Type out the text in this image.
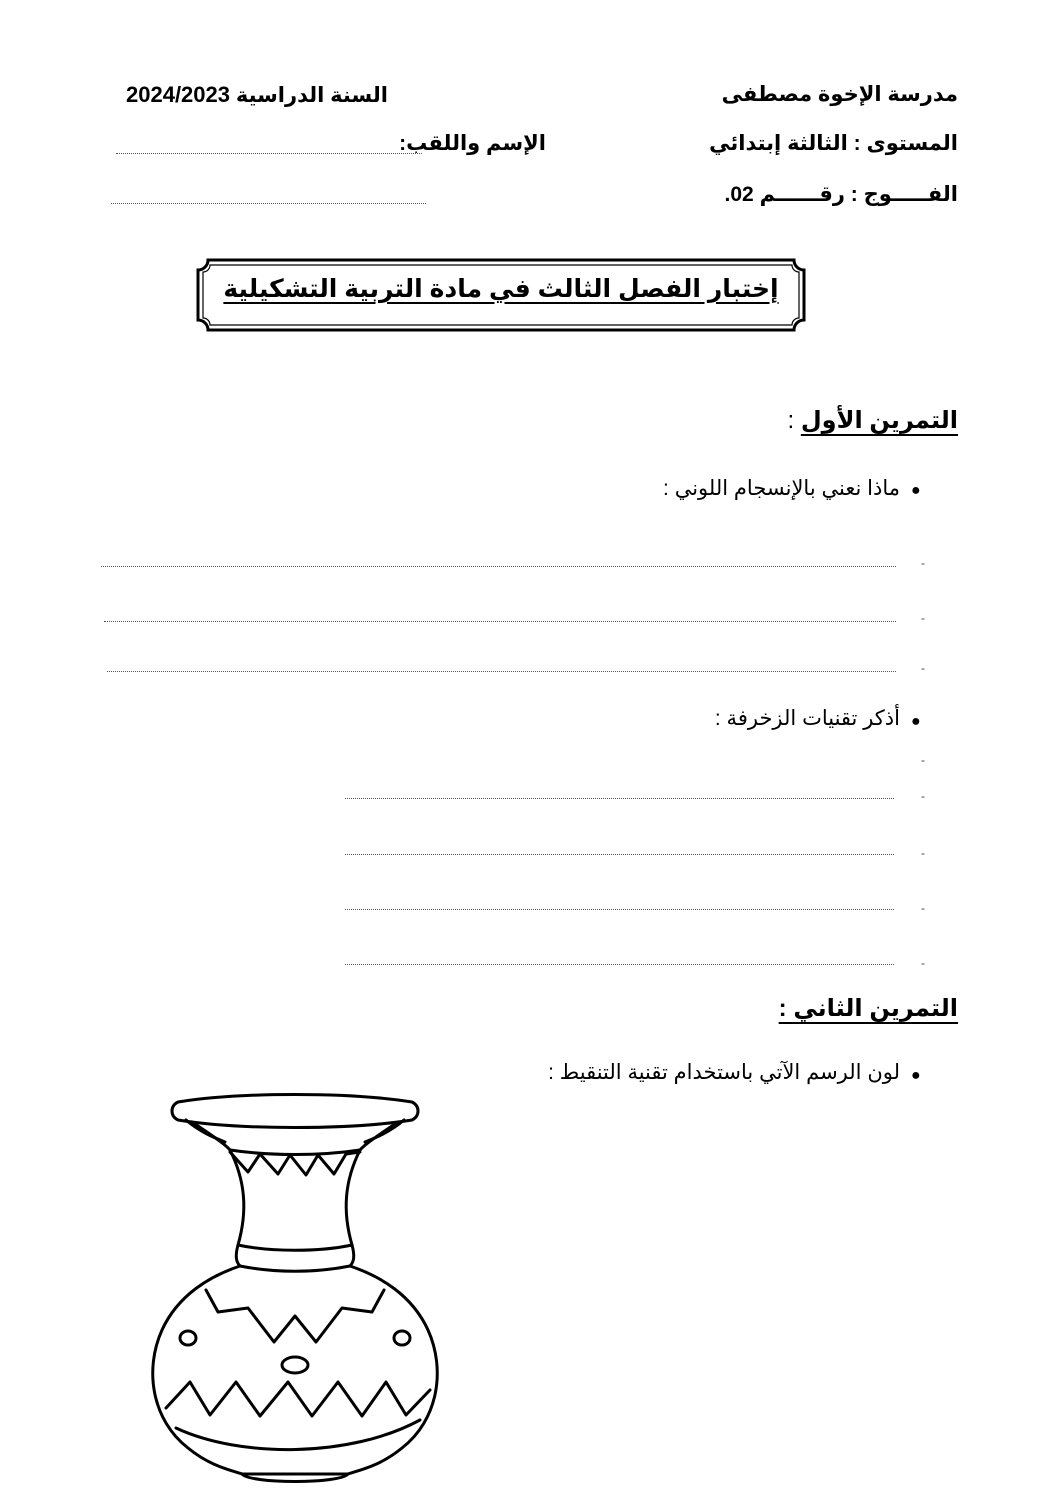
مدرسة الإخوة مصطفى
السنة الدراسية 2024/2023
المستوى : الثالثة إبتدائي
الإسم واللقب:
الفـــــوج : رقــــــم 02.
إختبار الفصل الثالث في مادة التربية التشكيلية
التمرين الأول :
●
ماذا نعني بالإنسجام اللوني :
-
-
-
●
أذكر تقنيات الزخرفة :
-
-
-
-
-
التمرين الثاني :
●
لون الرسم الآتي باستخدام تقنية التنقيط :
